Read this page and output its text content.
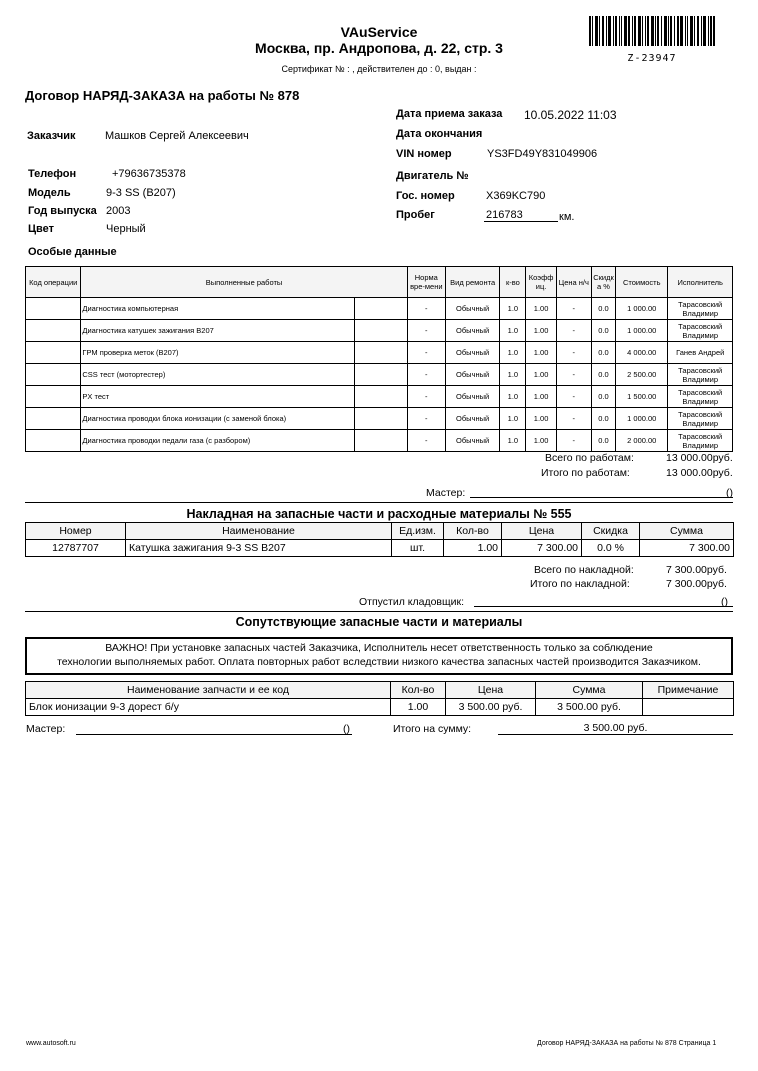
VAuService
Москва, пр. Андропова, д. 22, стр. 3
Сертификат № : , действителен до : 0, выдан :
Z-23947
Договор НАРЯД-ЗАКАЗА на работы № 878
Заказчик	Машков Сергей Алексеевич
Телефон	+79636735378
Модель	9-3 SS (B207)
Год выпуска 2003
Цвет	Черный
Особые данные
Дата приема заказа 10.05.2022 11:03
Дата окончания
VIN номер	YS3FD49Y831049906
Двигатель №
Гос. номер	X369KC790
Пробег	216783	км.
Код операции	Выполненные работы		Норма вре-мени	Вид ремонта	к-во	Коэфф иц.	Цена н/ч	Скидк а %	Стоимость	Исполнитель
	Диагностика компьютерная		-	Обычный	1.0	1.00	-	0.0	1 000.00	Тарасовский Владимир
	Диагностика катушек зажигания B207		-	Обычный	1.0	1.00	-	0.0	1 000.00	Тарасовский Владимир
	ГРМ проверка меток (B207)		-	Обычный	1.0	1.00	-	0.0	4 000.00	Ганев Андрей
	CSS тест (мотортестер)		-	Обычный	1.0	1.00	-	0.0	2 500.00	Тарасовский Владимир
	PX тест		-	Обычный	1.0	1.00	-	0.0	1 500.00	Тарасовский Владимир
	Диагностика проводки блока ионизации (с заменой блока)		-	Обычный	1.0	1.00	-	0.0	1 000.00	Тарасовский Владимир
	Диагностика проводки педали газа (с разбором)		-	Обычный	1.0	1.00	-	0.0	2 000.00	Тарасовский Владимир
Всего по работам:	13 000.00руб.
Итого по работам:	13 000.00руб.
Мастер:	()
Накладная на запасные части и расходные материалы № 555
Номер	Наименование	Ед.изм.	Кол-во	Цена	Скидка	Сумма
12787707	Катушка зажигания 9-3 SS B207	шт.	1.00	7 300.00	0.0 %	7 300.00
Всего по накладной:	7 300.00руб.
Итого по накладной:	7 300.00руб.
Отпустил кладовщик:	()
Сопутствующие запасные части и материалы
ВАЖНО! При установке запасных частей Заказчика, Исполнитель несет ответственность только за соблюдение
технологии выполняемых работ. Оплата повторных работ вследствии низкого качества запасных частей производится Заказчиком.
Наименование запчасти и ее код	Кол-во	Цена	Сумма	Примечание
Блок ионизации 9-3 дорест б/у	1.00	3 500.00 руб.	3 500.00 руб.	
Мастер:	()	Итого на сумму:	3 500.00 руб.
www.autosoft.ru	Договор НАРЯД-ЗАКАЗА на работы № 878 Страница 1
